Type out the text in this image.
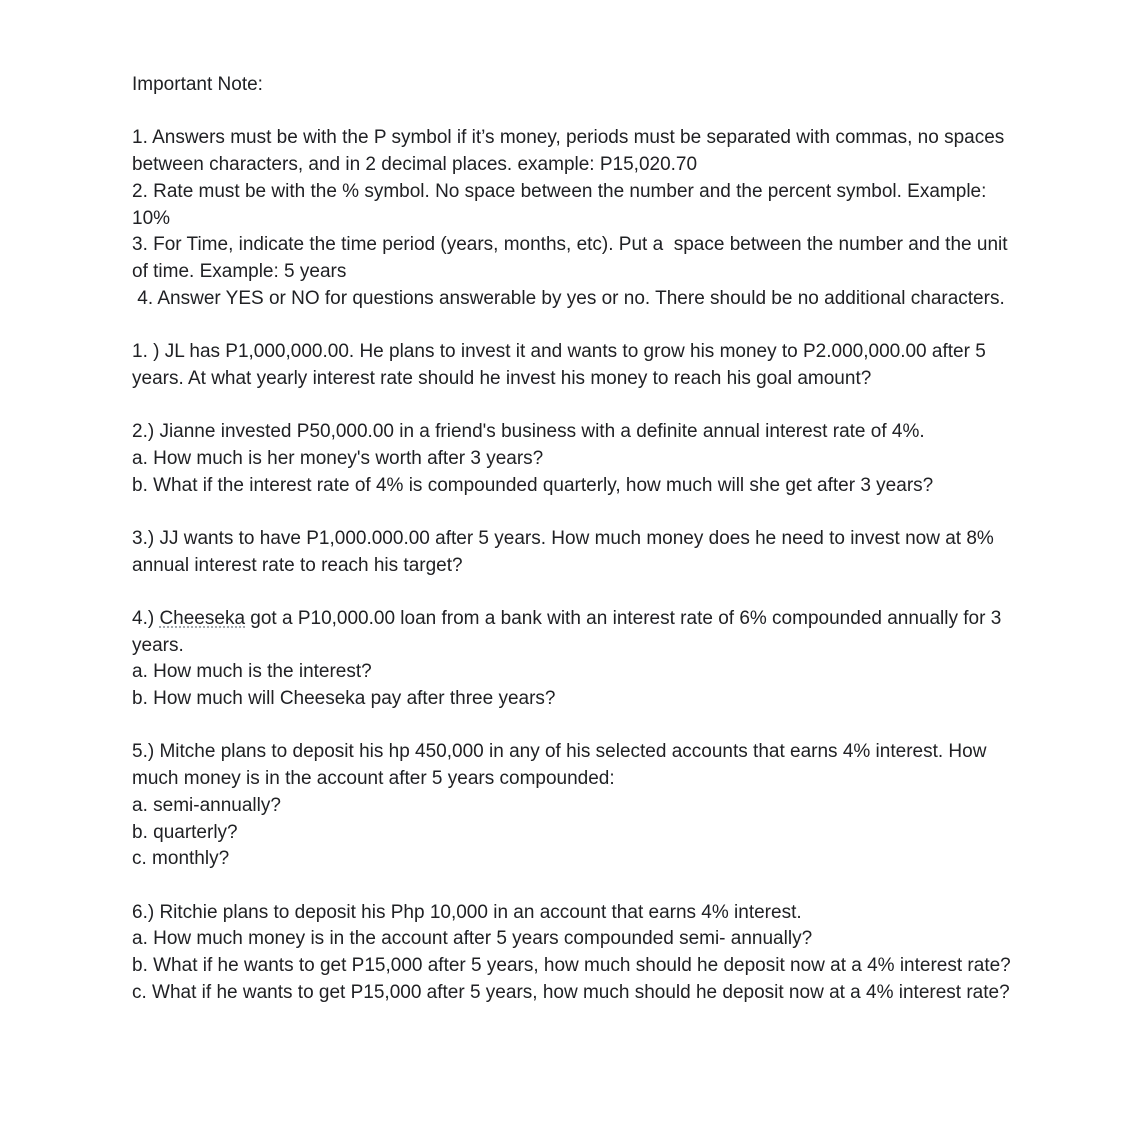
Important Note:

1. Answers must be with the P symbol if it’s money, periods must be separated with commas, no spaces between characters, and in 2 decimal places. example: P15,020.70

2. Rate must be with the % symbol. No space between the number and the percent symbol. Example: 10%

3. For Time, indicate the time period (years, months, etc). Put a  space between the number and the unit of time. Example: 5 years

4. Answer YES or NO for questions answerable by yes or no. There should be no additional characters.

1. ) JL has P1,000,000.00. He plans to invest it and wants to grow his money to P2.000,000.00 after 5 years. At what yearly interest rate should he invest his money to reach his goal amount?

2.) Jianne invested P50,000.00 in a friend's business with a definite annual interest rate of 4%.

a. How much is her money's worth after 3 years?

b. What if the interest rate of 4% is compounded quarterly, how much will she get after 3 years?

3.) JJ wants to have P1,000.000.00 after 5 years. How much money does he need to invest now at 8% annual interest rate to reach his target?

4.) Cheeseka got a P10,000.00 loan from a bank with an interest rate of 6% compounded annually for 3 years.

a. How much is the interest?

b. How much will Cheeseka pay after three years?

5.) Mitche plans to deposit his hp 450,000 in any of his selected accounts that earns 4% interest. How much money is in the account after 5 years compounded:

a. semi-annually?

b. quarterly?

c. monthly?

6.) Ritchie plans to deposit his Php 10,000 in an account that earns 4% interest.

a. How much money is in the account after 5 years compounded semi- annually?

b. What if he wants to get P15,000 after 5 years, how much should he deposit now at a 4% interest rate?

c. What if he wants to get P15,000 after 5 years, how much should he deposit now at a 4% interest rate?
